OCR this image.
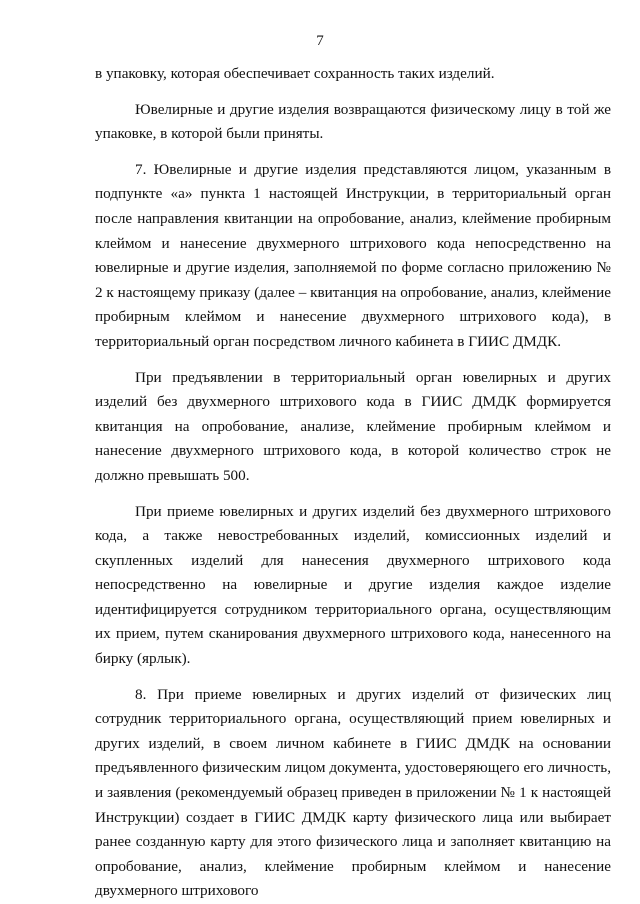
7

в упаковку, которая обеспечивает сохранность таких изделий.

Ювелирные и другие изделия возвращаются физическому лицу в той же упаковке, в которой были приняты.

7. Ювелирные и другие изделия представляются лицом, указанным в подпункте «а» пункта 1 настоящей Инструкции, в территориальный орган после направления квитанции на опробование, анализ, клеймение пробирным клеймом и нанесение двухмерного штрихового кода непосредственно на ювелирные и другие изделия, заполняемой по форме согласно приложению № 2 к настоящему приказу (далее – квитанция на опробование, анализ, клеймение пробирным клеймом и нанесение двухмерного штрихового кода), в территориальный орган посредством личного кабинета в ГИИС ДМДК.

При предъявлении в территориальный орган ювелирных и других изделий без двухмерного штрихового кода в ГИИС ДМДК формируется квитанция на опробование, анализе, клеймение пробирным клеймом и нанесение двухмерного штрихового кода, в которой количество строк не должно превышать 500.

При приеме ювелирных и других изделий без двухмерного штрихового кода, а также невостребованных изделий, комиссионных изделий и скупленных изделий для нанесения двухмерного штрихового кода непосредственно на ювелирные и другие изделия каждое изделие идентифицируется сотрудником территориального органа, осуществляющим их прием, путем сканирования двухмерного штрихового кода, нанесенного на бирку (ярлык).

8. При приеме ювелирных и других изделий от физических лиц сотрудник территориального органа, осуществляющий прием ювелирных и других изделий, в своем личном кабинете в ГИИС ДМДК на основании предъявленного физическим лицом документа, удостоверяющего его личность, и заявления (рекомендуемый образец приведен в приложении № 1 к настоящей Инструкции) создает в ГИИС ДМДК карту физического лица или выбирает ранее созданную карту для этого физического лица и заполняет квитанцию на опробование, анализ, клеймение пробирным клеймом и нанесение двухмерного штрихового
